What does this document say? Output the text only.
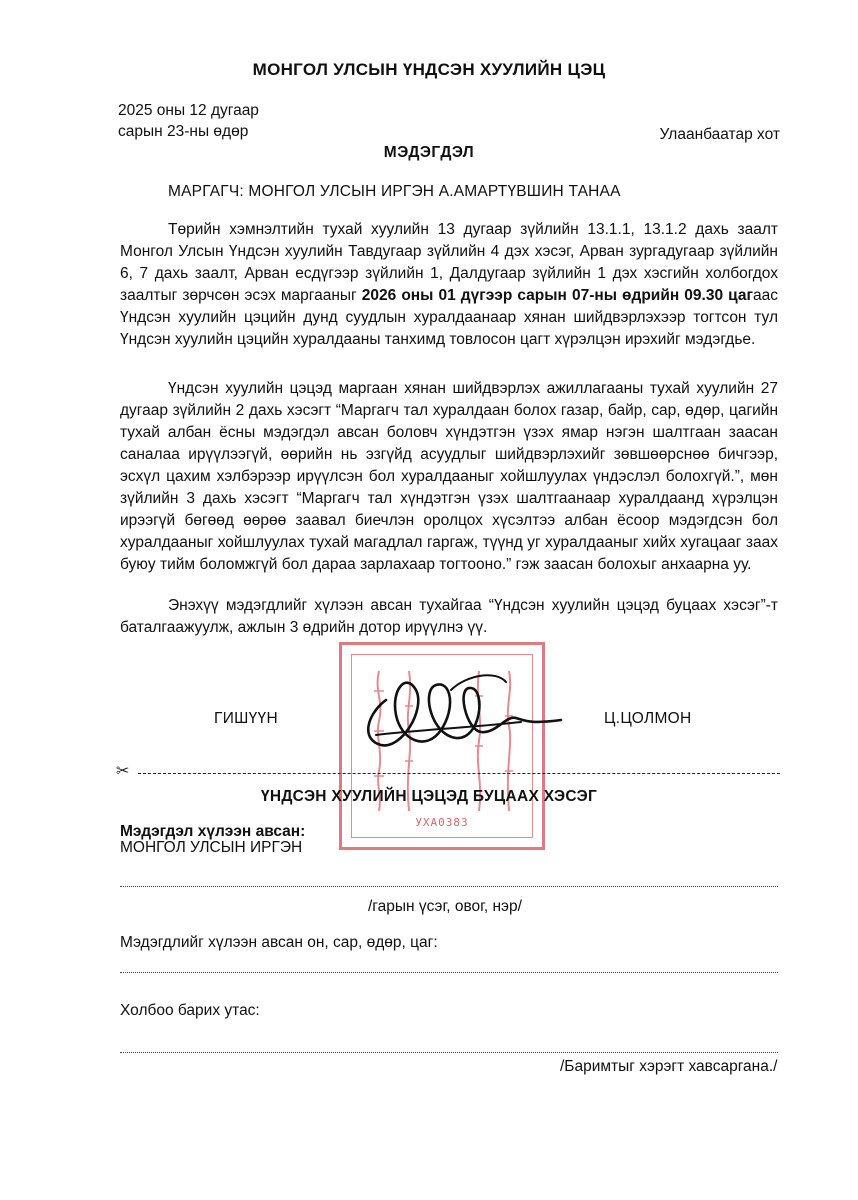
МОНГОЛ УЛСЫН ҮНДСЭН ХУУЛИЙН ЦЭЦ
2025 оны 12 дугаар
сарын 23-ны өдөр	Улаанбаатар хот
МЭДЭГДЭЛ
МАРГАГЧ: МОНГОЛ УЛСЫН ИРГЭН А.АМАРТҮВШИН ТАНАА
Төрийн хэмнэлтийн тухай хуулийн 13 дугаар зүйлийн 13.1.1, 13.1.2 дахь заалт Монгол Улсын Үндсэн хуулийн Тавдугаар зүйлийн 4 дэх хэсэг, Арван зургадугаар зүйлийн 6, 7 дахь заалт, Арван есдүгээр зүйлийн 1, Далдугаар зүйлийн 1 дэх хэсгийн холбогдох заалтыг зөрчсөн эсэх маргааныг 2026 оны 01 дүгээр сарын 07-ны өдрийн 09.30 цагаас Үндсэн хуулийн цэцийн дунд суудлын хуралдаанаар хянан шийдвэрлэхээр тогтсон тул Үндсэн хуулийн цэцийн хуралдааны танхимд товлосон цагт хүрэлцэн ирэхийг мэдэгдье.
Үндсэн хуулийн цэцэд маргаан хянан шийдвэрлэх ажиллагааны тухай хуулийн 27 дугаар зүйлийн 2 дахь хэсэгт “Маргагч тал хуралдаан болох газар, байр, сар, өдөр, цагийн тухай албан ёсны мэдэгдэл авсан боловч хүндэтгэн үзэх ямар нэгэн шалтгаан заасан саналаа ирүүлээгүй, өөрийн нь эзгүйд асуудлыг шийдвэрлэхийг зөвшөөрснөө бичгээр, эсхүл цахим хэлбэрээр ирүүлсэн бол хуралдааныг хойшлуулах үндэслэл болохгүй.”, мөн зүйлийн 3 дахь хэсэгт “Маргагч тал хүндэтгэн үзэх шалтгаанаар хуралдаанд хүрэлцэн ирээгүй бөгөөд өөрөө заавал биечлэн оролцох хүсэлтээ албан ёсоор мэдэгдсэн бол хуралдааныг хойшлуулах тухай магадлал гаргаж, түүнд уг хуралдааныг хийх хугацааг заах буюу тийм боломжгүй бол дараа зарлахаар тогтооно.” гэж заасан болохыг анхаарна уу.
Энэхүү мэдэгдлийг хүлээн авсан тухайгаа “Үндсэн хуулийн цэцэд буцаах хэсэг”-т баталгаажуулж, ажлын 3 өдрийн дотор ирүүлнэ үү.
УХА0383
ГИШҮҮН	Ц.ЦОЛМОН
✂
ҮНДСЭН ХУУЛИЙН ЦЭЦЭД БУЦААХ ХЭСЭГ
Мэдэгдэл хүлээн авсан:
МОНГОЛ УЛСЫН ИРГЭН
/гарын үсэг, овог, нэр/
Мэдэгдлийг хүлээн авсан он, сар, өдөр, цаг:
Холбоо барих утас:
/Баримтыг хэрэгт хавсаргана./
